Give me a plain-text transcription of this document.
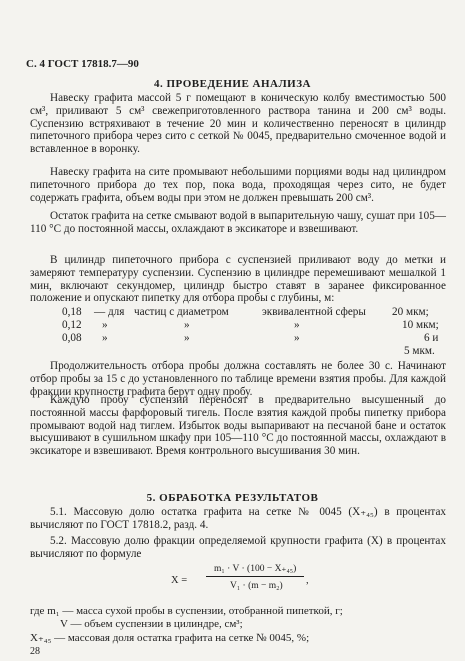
С. 4 ГОСТ 17818.7—90
4. ПРОВЕДЕНИЕ АНАЛИЗА
Навеску графита массой 5 г помещают в коническую колбу вместимостью 500 см³, приливают 5 см³ свежеприготовленного раствора танина и 200 см³ воды. Суспензию встряхивают в течение 20 мин и количественно переносят в цилиндр пипеточного прибора через сито с сеткой № 0045, предварительно смоченное водой и вставленное в воронку.
Навеску графита на сите промывают небольшими порциями воды над цилиндром пипеточного прибора до тех пор, пока вода, проходящая через сито, не будет содержать графита, объем воды при этом не должен превышать 200 см³.
Остаток графита на сетке смывают водой в выпарительную чашу, сушат при 105—110 °С до постоянной массы, охлаждают в эксикаторе и взвешивают.
В цилиндр пипеточного прибора с суспензией приливают воду до метки и замеряют температуру суспензии. Суспензию в цилиндре перемешивают мешалкой 1 мин, включают секундомер, цилиндр быстро ставят в заранее фиксированное положение и опускают пипетку для отбора пробы с глубины, м:
0,18 — для частиц с диаметром	эквивалентной сферы 20 мкм;
0,12 »	»	»	10 мкм;
0,08 »	»	»	6 и
5 мкм.
Продолжительность отбора пробы должна составлять не более 30 с. Начинают отбор пробы за 15 с до установленного по таблице времени взятия пробы. Для каждой фракции крупности графита берут одну пробу.
Каждую пробу суспензии переносят в предварительно высушенный до постоянной массы фарфоровый тигель. После взятия каждой пробы пипетку прибора промывают водой над тиглем. Избыток воды выпаривают на песчаной бане и остаток высушивают в сушильном шкафу при 105—110 °С до постоянной массы, охлаждают в эксикаторе и взвешивают. Время контрольного высушивания 30 мин.
5. ОБРАБОТКА РЕЗУЛЬТАТОВ
5.1. Массовую долю остатка графита на сетке № 0045 (X₊₄₅) в процентах вычисляют по ГОСТ 17818.2, разд. 4.
5.2. Массовую долю фракции определяемой крупности графита (X) в процентах вычисляют по формуле
X =
m₁ · V · (100 − X₊₄₅)
V₁ · (m − m₂) ,
где m₁ — масса сухой пробы в суспензии, отобранной пипеткой, г;
V — объем суспензии в цилиндре, см³;
X₊₄₅ — массовая доля остатка графита на сетке № 0045, %;
28
